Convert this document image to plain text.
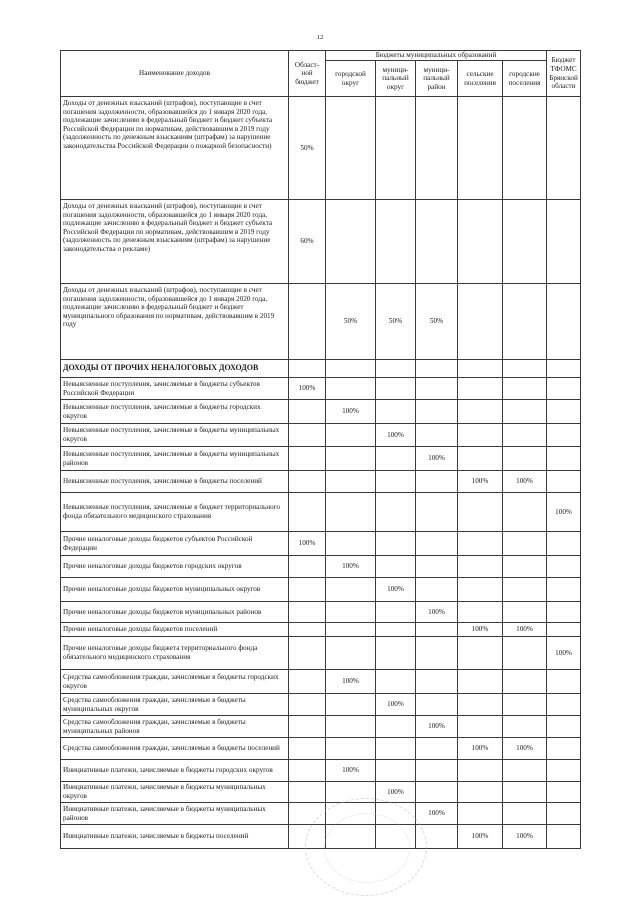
12
Наименование доходов	Област-ной бюджет	Бюджеты муниципальных образований					Бюджет ТФОМС Брянской области
		городской округ	муници-пальный округ	муници-пальный район	сельские поселения	городские поселения	
Доходы от денежных взысканий (штрафов), поступающие в счет погашения задолженности, образовавшейся до 1 января 2020 года, подлежащие зачислению в федеральный бюджет и бюджет субъекта Российской Федерации по нормативам, действовавшим в 2019 году (задолженность по денежным взысканиям (штрафам) за нарушение законодательства Российской Федерации о пожарной безопасности)	50%						
Доходы от денежных взысканий (штрафов), поступающие в счет погашения задолженности, образовавшейся до 1 января 2020 года, подлежащие зачислению в федеральный бюджет и бюджет субъекта Российской Федерации по нормативам, действовавшим в 2019 году (задолженность по денежным взысканиям (штрафам) за нарушение законодательства о рекламе)	60%						
Доходы от денежных взысканий (штрафов), поступающие в счет погашения задолженности, образовавшейся до 1 января 2020 года, подлежащие зачислению в федеральный бюджет и бюджет муниципального образования по нормативам, действовавшим в 2019 году		50%	50%	50%			
ДОХОДЫ ОТ ПРОЧИХ НЕНАЛОГОВЫХ ДОХОДОВ							
Невыясненные поступления, зачисляемые в бюджеты субъектов Российской Федерации	100%						
Невыясненные поступления, зачисляемые в бюджеты городских округов		100%					
Невыясненные поступления, зачисляемые в бюджеты муниципальных округов			100%				
Невыясненные поступления, зачисляемые в бюджеты муниципальных районов				100%			
Невыясненные поступления, зачисляемые в бюджеты поселений					100%	100%	
Невыясненные поступления, зачисляемые в бюджет территориального фонда обязательного медицинского страхования							100%
Прочие неналоговые доходы бюджетов субъектов Российской Федерации	100%						
Прочие неналоговые доходы бюджетов городских округов		100%					
Прочие неналоговые доходы бюджетов муниципальных округов			100%				
Прочие неналоговые доходы бюджетов муниципальных районов				100%			
Прочие неналоговые доходы бюджетов поселений					100%	100%	
Прочие неналоговые доходы бюджета территориального фонда обязательного медицинского страхования							100%
Средства самообложения граждан, зачисляемые в бюджеты городских округов		100%					
Средства самообложения граждан, зачисляемые в бюджеты муниципальных округов			100%				
Средства самообложения граждан, зачисляемые в бюджеты муниципальных районов				100%			
Средства самообложения граждан, зачисляемые в бюджеты поселений					100%	100%	
Инициативные платежи, зачисляемые в бюджеты городских округов		100%					
Инициативные платежи, зачисляемые в бюджеты муниципальных округов			100%				
Инициативные платежи, зачисляемые в бюджеты муниципальных районов				100%			
Инициативные платежи, зачисляемые в бюджеты поселений					100%	100%	
